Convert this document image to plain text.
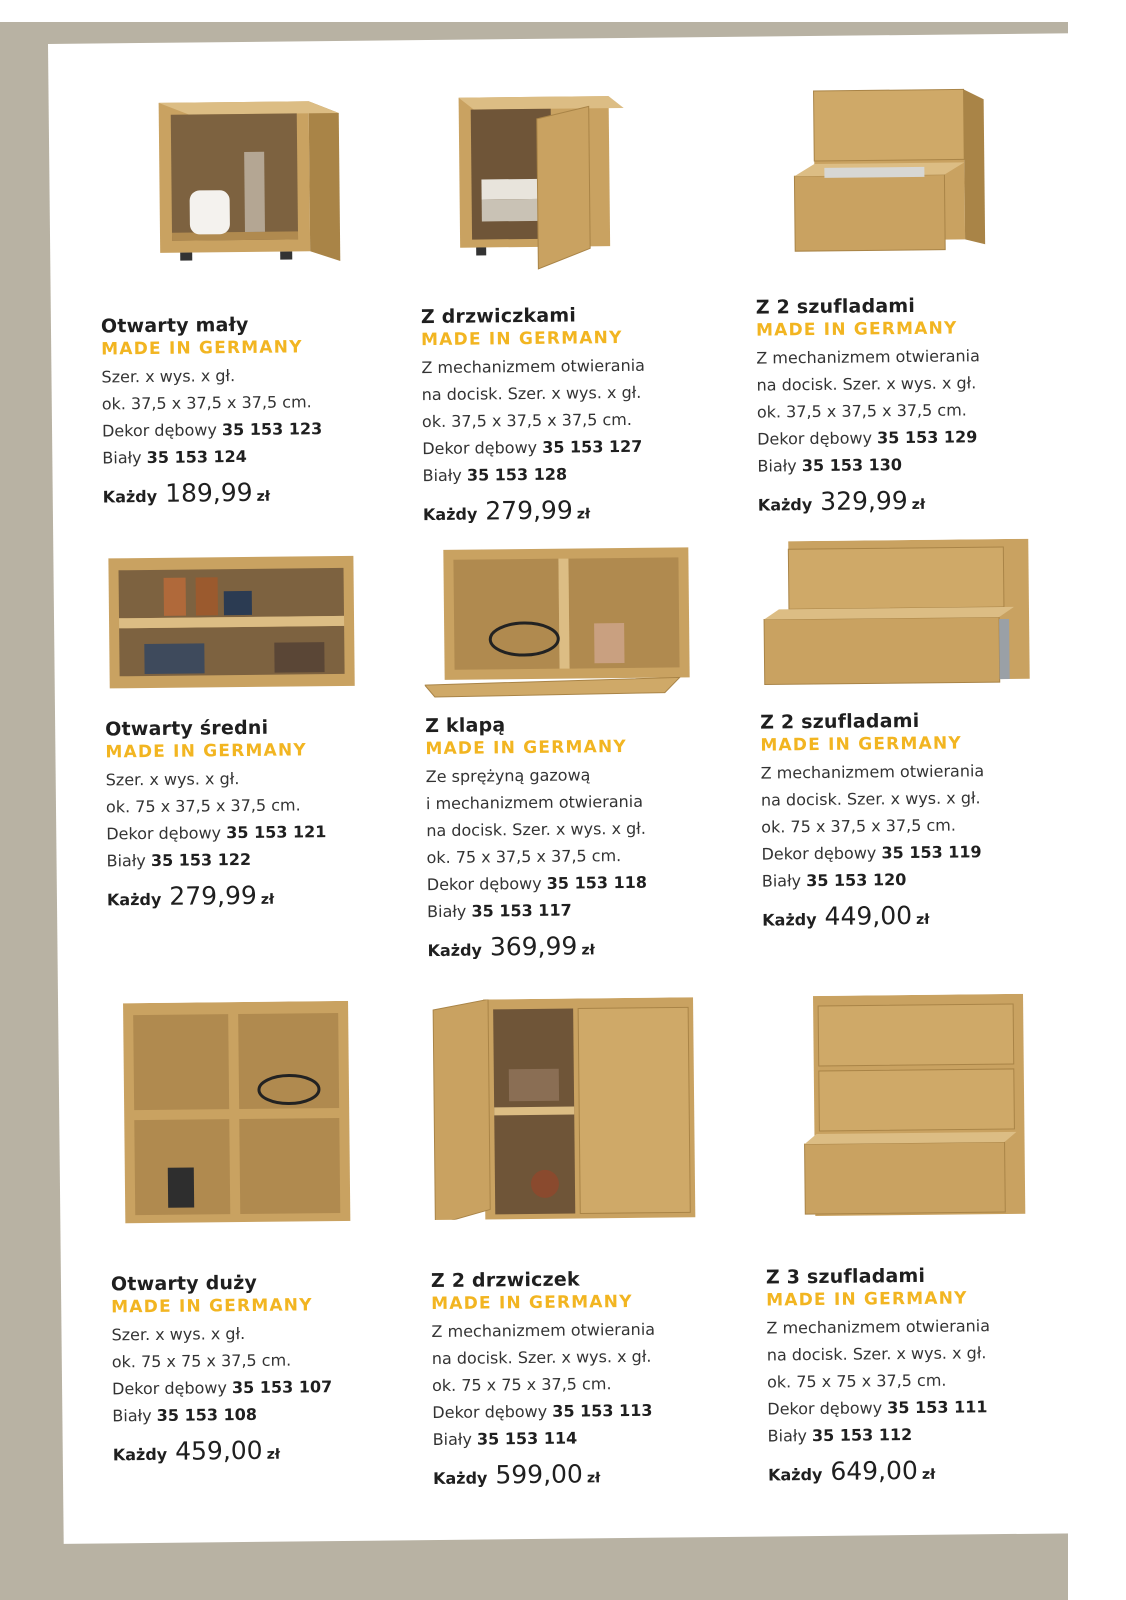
Otwarty mały
MADE IN GERMANY
Szer. x wys. x gł.
ok. 37,5 x 37,5 x 37,5 cm.
Dekor dębowy 35 153 123
Biały 35 153 124
Każdy 189,99 zł
Z drzwiczkami
MADE IN GERMANY
Z mechanizmem otwierania
na docisk. Szer. x wys. x gł.
ok. 37,5 x 37,5 x 37,5 cm.
Dekor dębowy 35 153 127
Biały 35 153 128
Każdy 279,99 zł
Z 2 szufladami
MADE IN GERMANY
Z mechanizmem otwierania
na docisk. Szer. x wys. x gł.
ok. 37,5 x 37,5 x 37,5 cm.
Dekor dębowy 35 153 129
Biały 35 153 130
Każdy 329,99 zł
Otwarty średni
MADE IN GERMANY
Szer. x wys. x gł.
ok. 75 x 37,5 x 37,5 cm.
Dekor dębowy 35 153 121
Biały 35 153 122
Każdy 279,99 zł
Z klapą
MADE IN GERMANY
Ze sprężyną gazową
i mechanizmem otwierania
na docisk. Szer. x wys. x gł.
ok. 75 x 37,5 x 37,5 cm.
Dekor dębowy 35 153 118
Biały 35 153 117
Każdy 369,99 zł
Z 2 szufladami
MADE IN GERMANY
Z mechanizmem otwierania
na docisk. Szer. x wys. x gł.
ok. 75 x 37,5 x 37,5 cm.
Dekor dębowy 35 153 119
Biały 35 153 120
Każdy 449,00 zł
Otwarty duży
MADE IN GERMANY
Szer. x wys. x gł.
ok. 75 x 75 x 37,5 cm.
Dekor dębowy 35 153 107
Biały 35 153 108
Każdy 459,00 zł
Z 2 drzwiczek
MADE IN GERMANY
Z mechanizmem otwierania
na docisk. Szer. x wys. x gł.
ok. 75 x 75 x 37,5 cm.
Dekor dębowy 35 153 113
Biały 35 153 114
Każdy 599,00 zł
Z 3 szufladami
MADE IN GERMANY
Z mechanizmem otwierania
na docisk. Szer. x wys. x gł.
ok. 75 x 75 x 37,5 cm.
Dekor dębowy 35 153 111
Biały 35 153 112
Każdy 649,00 zł
